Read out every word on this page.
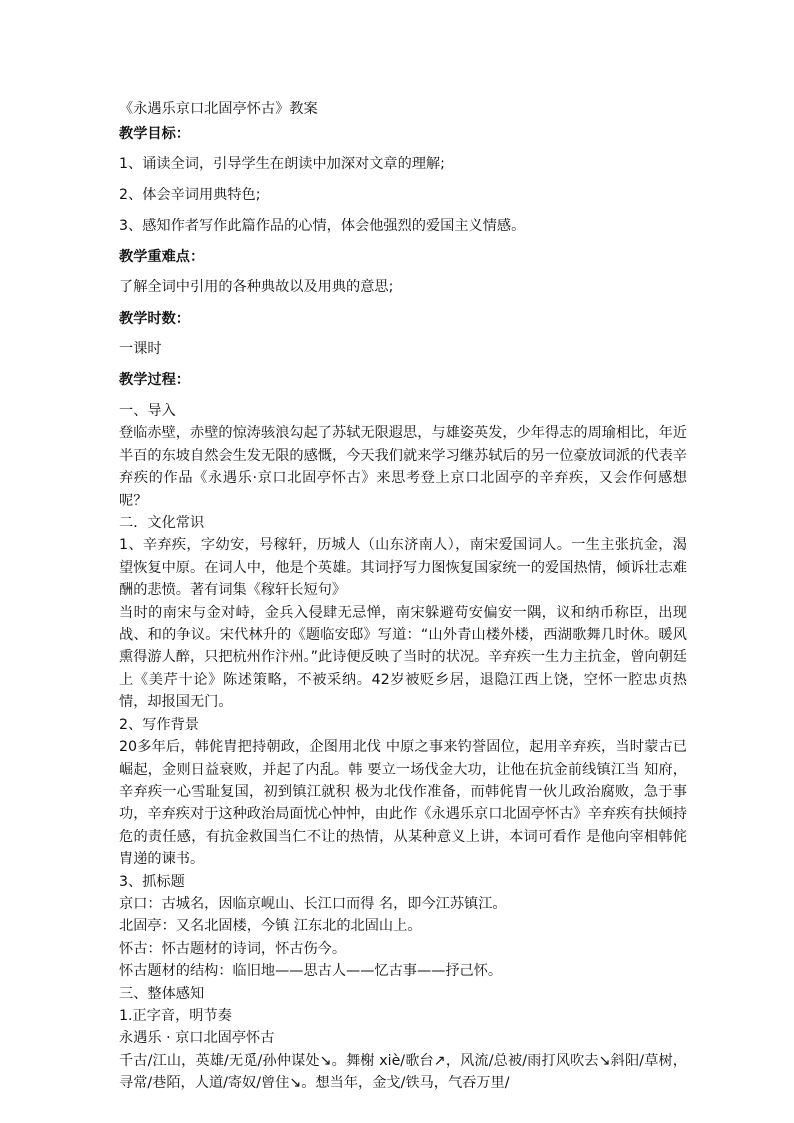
《永遇乐京口北固亭怀古》教案
教学目标：
1、诵读全词，引导学生在朗读中加深对文章的理解;
2、体会辛词用典特色;
3、感知作者写作此篇作品的心情，体会他强烈的爱国主义情感。
教学重难点：
了解全词中引用的各种典故以及用典的意思;
教学时数：
一课时
教学过程：
一、导入
登临赤壁，赤壁的惊涛骇浪勾起了苏轼无限遐思，与雄姿英发，少年得志的周瑜相比，年近半百的东坡自然会生发无限的感慨，今天我们就来学习继苏轼后的另一位豪放词派的代表辛弃疾的作品《永遇乐·京口北固亭怀古》来思考登上京口北固亭的辛弃疾，又会作何感想呢？
二．文化常识
1、辛弃疾，字幼安，号稼轩，历城人（山东济南人），南宋爱国词人。一生主张抗金，渴望恢复中原。在词人中，他是个英雄。其词抒写力图恢复国家统一的爱国热情，倾诉壮志难酬的悲愤。著有词集《稼轩长短句》
当时的南宋与金对峙，金兵入侵肆无忌惮，南宋躲避苟安偏安一隅，议和纳币称臣，出现战、和的争议。宋代林升的《题临安邸》写道：“山外青山楼外楼，西湖歌舞几时休。暖风熏得游人醉，只把杭州作汴州。”此诗便反映了当时的状况。辛弃疾一生力主抗金，曾向朝廷上《美芹十论》陈述策略，不被采纳。42岁被贬乡居，退隐江西上饶，空怀一腔忠贞热情，却报国无门。
2、写作背景
20多年后，韩侂胄把持朝政，企图用北伐 中原之事来钓誉固位，起用辛弃疾，当时蒙古已崛起，金则日益衰败，并起了内乱。韩 要立一场伐金大功，让他在抗金前线镇江当 知府，辛弃疾一心雪耻复国，初到镇江就积 极为北伐作准备，而韩侂胄一伙儿政治腐败，急于事功，辛弃疾对于这种政治局面忧心忡忡，由此作《永遇乐京口北固亭怀古》辛弃疾有扶倾持危的责任感，有抗金救国当仁不让的热情，从某种意义上讲，本词可看作 是他向宰相韩侂胄递的谏书。
3、抓标题
京口：古城名，因临京岘山、长江口而得 名，即今江苏镇江。
北固亭：又名北固楼，今镇 江东北的北固山上。
怀古：怀古题材的诗词，怀古伤今。
怀古题材的结构：临旧地——思古人——忆古事——抒己怀。
三、整体感知
1.正字音，明节奏
永遇乐 · 京口北固亭怀古
千古/江山，英雄/无觅/孙仲谋处↘。舞榭 xiè/歌台↗，风流/总被/雨打风吹去↘斜阳/草树，寻常/巷陌，人道/寄奴/曾住↘。想当年，金戈/铁马，气吞万里/
